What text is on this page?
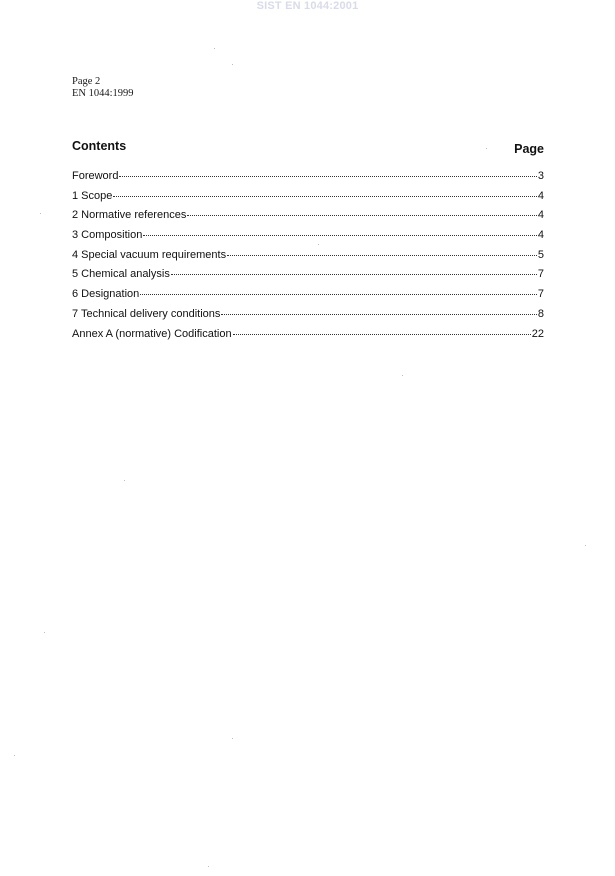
SIST EN 1044:2001
Page 2
EN 1044:1999
Contents	Page
Foreword	3
1 Scope	4
2 Normative references	4
3 Composition	4
4 Special vacuum requirements	5
5 Chemical analysis	7
6 Designation	7
7 Technical delivery conditions	8
Annex A (normative) Codification	22
